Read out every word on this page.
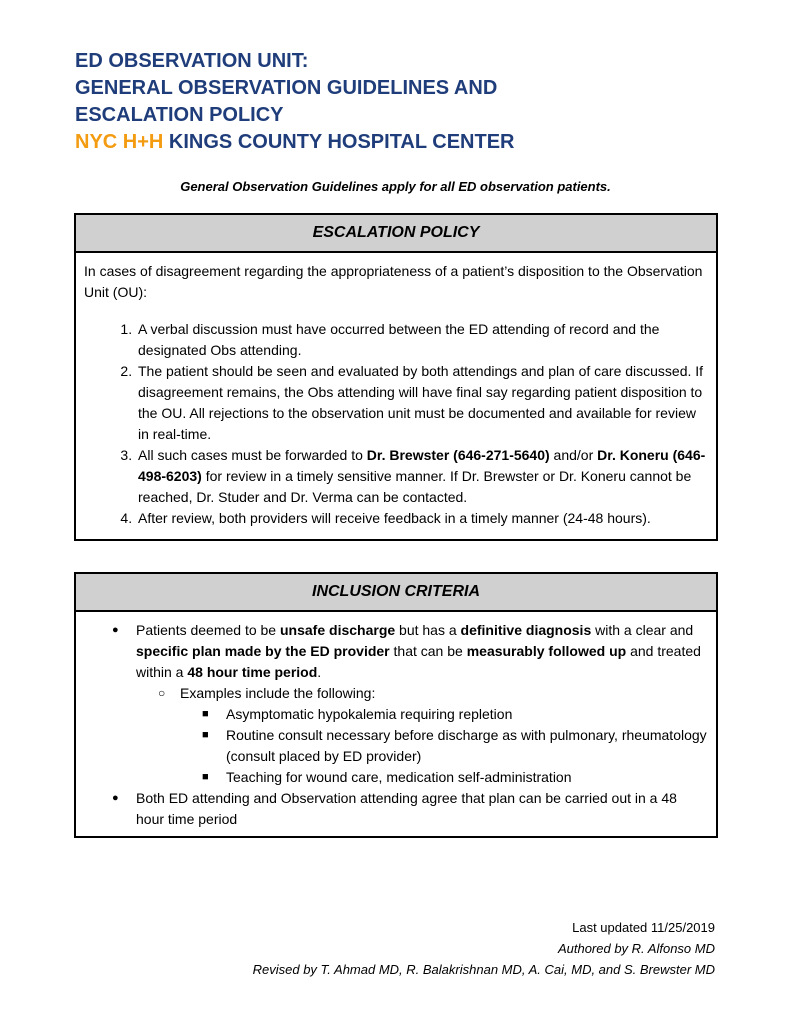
ED OBSERVATION UNIT:
GENERAL OBSERVATION GUIDELINES AND
ESCALATION POLICY
NYC H+H KINGS COUNTY HOSPITAL CENTER
General Observation Guidelines apply for all ED observation patients.
ESCALATION POLICY

In cases of disagreement regarding the appropriateness of a patient’s disposition to the Observation Unit (OU):

1. A verbal discussion must have occurred between the ED attending of record and the designated Obs attending.
2. The patient should be seen and evaluated by both attendings and plan of care discussed. If disagreement remains, the Obs attending will have final say regarding patient disposition to the OU. All rejections to the observation unit must be documented and available for review in real-time.
3. All such cases must be forwarded to Dr. Brewster (646-271-5640) and/or Dr. Koneru (646-498-6203) for review in a timely sensitive manner. If Dr. Brewster or Dr. Koneru cannot be reached, Dr. Studer and Dr. Verma can be contacted.
4. After review, both providers will receive feedback in a timely manner (24-48 hours).
INCLUSION CRITERIA
● Patients deemed to be unsafe discharge but has a definitive diagnosis with a clear and specific plan made by the ED provider that can be measurably followed up and treated within a 48 hour time period.
○ Examples include the following:
■ Asymptomatic hypokalemia requiring repletion
■ Routine consult necessary before discharge as with pulmonary, rheumatology (consult placed by ED provider)
■ Teaching for wound care, medication self-administration
● Both ED attending and Observation attending agree that plan can be carried out in a 48 hour time period
Last updated 11/25/2019
Authored by R. Alfonso MD
Revised by T. Ahmad MD, R. Balakrishnan MD, A. Cai, MD, and S. Brewster MD
